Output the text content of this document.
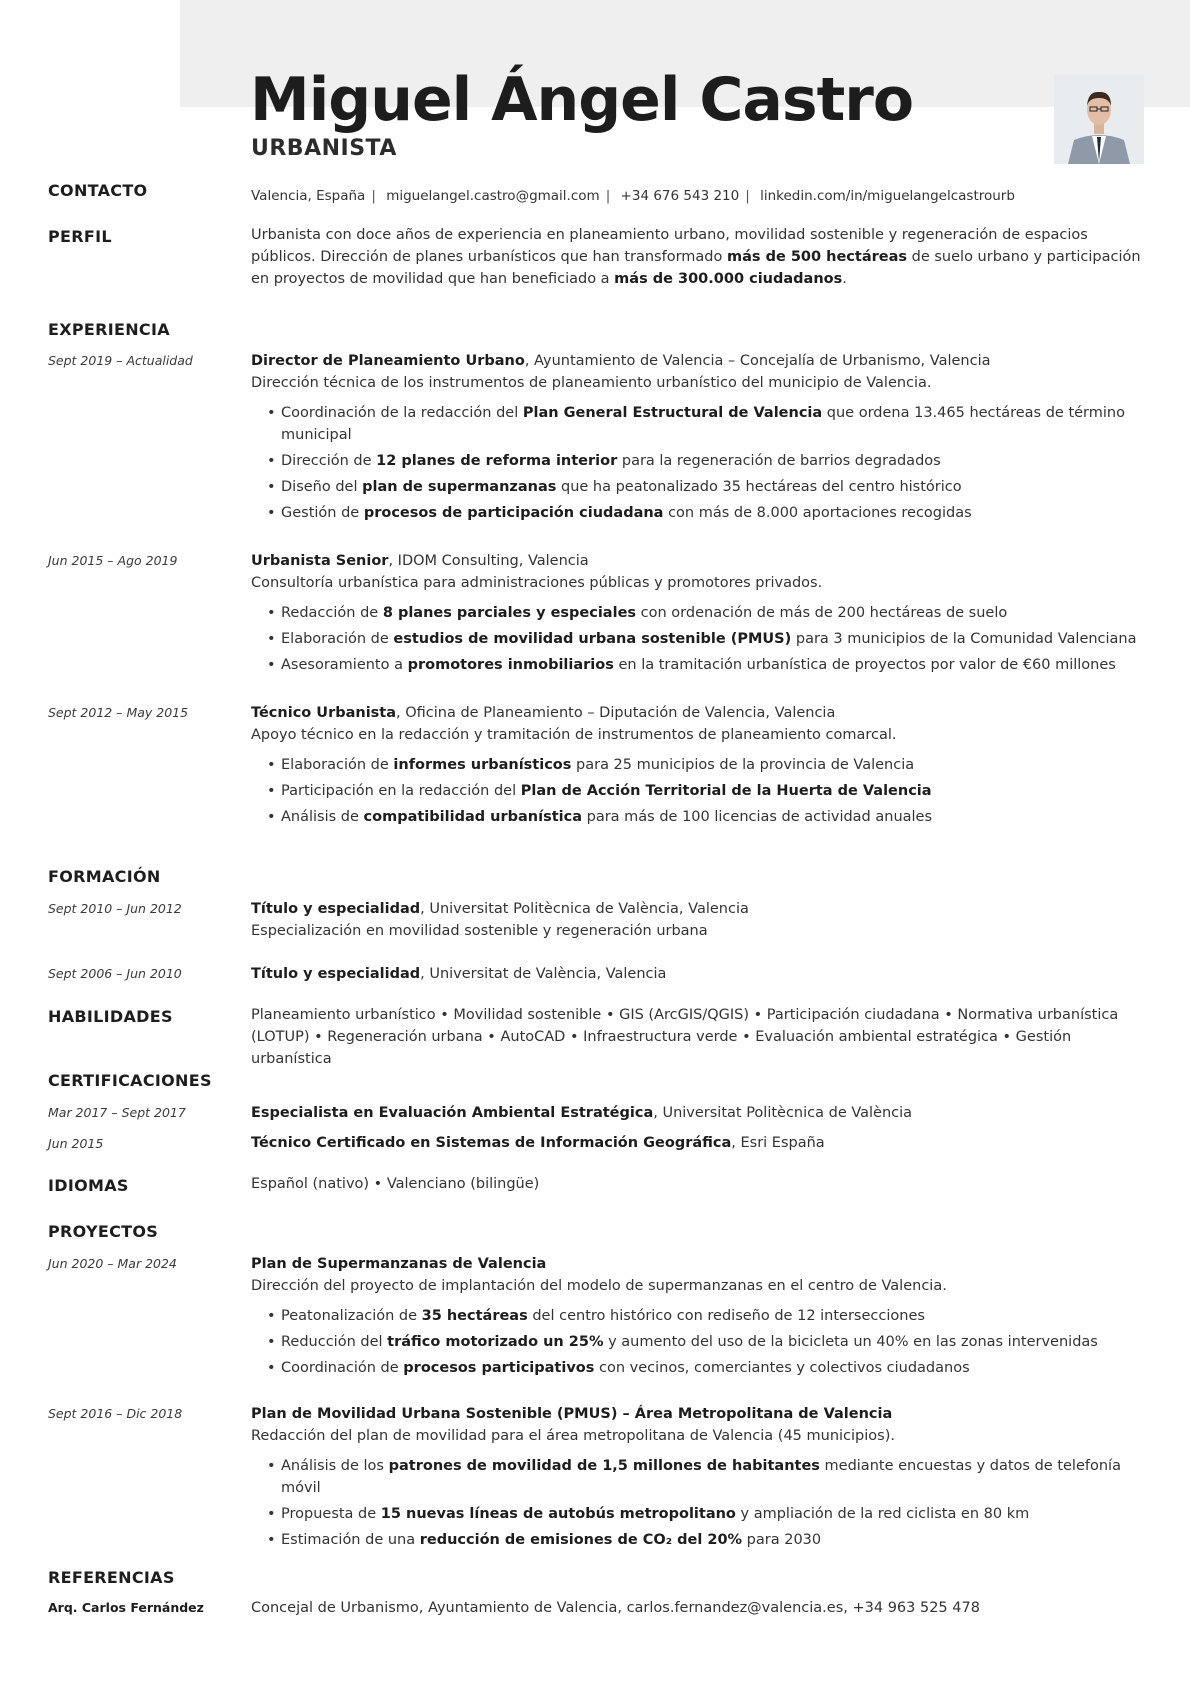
Miguel Ángel Castro
URBANISTA
CONTACTO	Valencia, España | miguelangel.castro@gmail.com | +34 676 543 210 | linkedin.com/in/miguelangelcastrourb
PERFIL	Urbanista con doce años de experiencia en planeamiento urbano, movilidad sostenible y regeneración de espacios públicos. Dirección de planes urbanísticos que han transformado más de 500 hectáreas de suelo urbano y participación en proyectos de movilidad que han beneficiado a más de 300.000 ciudadanos.
EXPERIENCIA
Sept 2019 – Actualidad	Director de Planeamiento Urbano, Ayuntamiento de Valencia – Concejalía de Urbanismo, Valencia
Dirección técnica de los instrumentos de planeamiento urbanístico del municipio de Valencia.
• Coordinación de la redacción del Plan General Estructural de Valencia que ordena 13.465 hectáreas de término municipal
• Dirección de 12 planes de reforma interior para la regeneración de barrios degradados
• Diseño del plan de supermanzanas que ha peatonalizado 35 hectáreas del centro histórico
• Gestión de procesos de participación ciudadana con más de 8.000 aportaciones recogidas
Jun 2015 – Ago 2019	Urbanista Senior, IDOM Consulting, Valencia
Consultoría urbanística para administraciones públicas y promotores privados.
• Redacción de 8 planes parciales y especiales con ordenación de más de 200 hectáreas de suelo
• Elaboración de estudios de movilidad urbana sostenible (PMUS) para 3 municipios de la Comunidad Valenciana
• Asesoramiento a promotores inmobiliarios en la tramitación urbanística de proyectos por valor de €60 millones
Sept 2012 – May 2015	Técnico Urbanista, Oficina de Planeamiento – Diputación de Valencia, Valencia
Apoyo técnico en la redacción y tramitación de instrumentos de planeamiento comarcal.
• Elaboración de informes urbanísticos para 25 municipios de la provincia de Valencia
• Participación en la redacción del Plan de Acción Territorial de la Huerta de Valencia
• Análisis de compatibilidad urbanística para más de 100 licencias de actividad anuales
FORMACIÓN
Sept 2010 – Jun 2012	Título y especialidad, Universitat Politècnica de València, Valencia
Especialización en movilidad sostenible y regeneración urbana
Sept 2006 – Jun 2010	Título y especialidad, Universitat de València, Valencia
HABILIDADES	Planeamiento urbanístico • Movilidad sostenible • GIS (ArcGIS/QGIS) • Participación ciudadana • Normativa urbanística (LOTUP) • Regeneración urbana • AutoCAD • Infraestructura verde • Evaluación ambiental estratégica • Gestión urbanística
CERTIFICACIONES
Mar 2017 – Sept 2017	Especialista en Evaluación Ambiental Estratégica, Universitat Politècnica de València
Jun 2015	Técnico Certificado en Sistemas de Información Geográfica, Esri España
IDIOMAS	Español (nativo) • Valenciano (bilingüe)
PROYECTOS
Jun 2020 – Mar 2024	Plan de Supermanzanas de Valencia
Dirección del proyecto de implantación del modelo de supermanzanas en el centro de Valencia.
• Peatonalización de 35 hectáreas del centro histórico con rediseño de 12 intersecciones
• Reducción del tráfico motorizado un 25% y aumento del uso de la bicicleta un 40% en las zonas intervenidas
• Coordinación de procesos participativos con vecinos, comerciantes y colectivos ciudadanos
Sept 2016 – Dic 2018	Plan de Movilidad Urbana Sostenible (PMUS) – Área Metropolitana de Valencia
Redacción del plan de movilidad para el área metropolitana de Valencia (45 municipios).
• Análisis de los patrones de movilidad de 1,5 millones de habitantes mediante encuestas y datos de telefonía móvil
• Propuesta de 15 nuevas líneas de autobús metropolitano y ampliación de la red ciclista en 80 km
• Estimación de una reducción de emisiones de CO₂ del 20% para 2030
REFERENCIAS
Arq. Carlos Fernández	Concejal de Urbanismo, Ayuntamiento de Valencia, carlos.fernandez@valencia.es, +34 963 525 478
